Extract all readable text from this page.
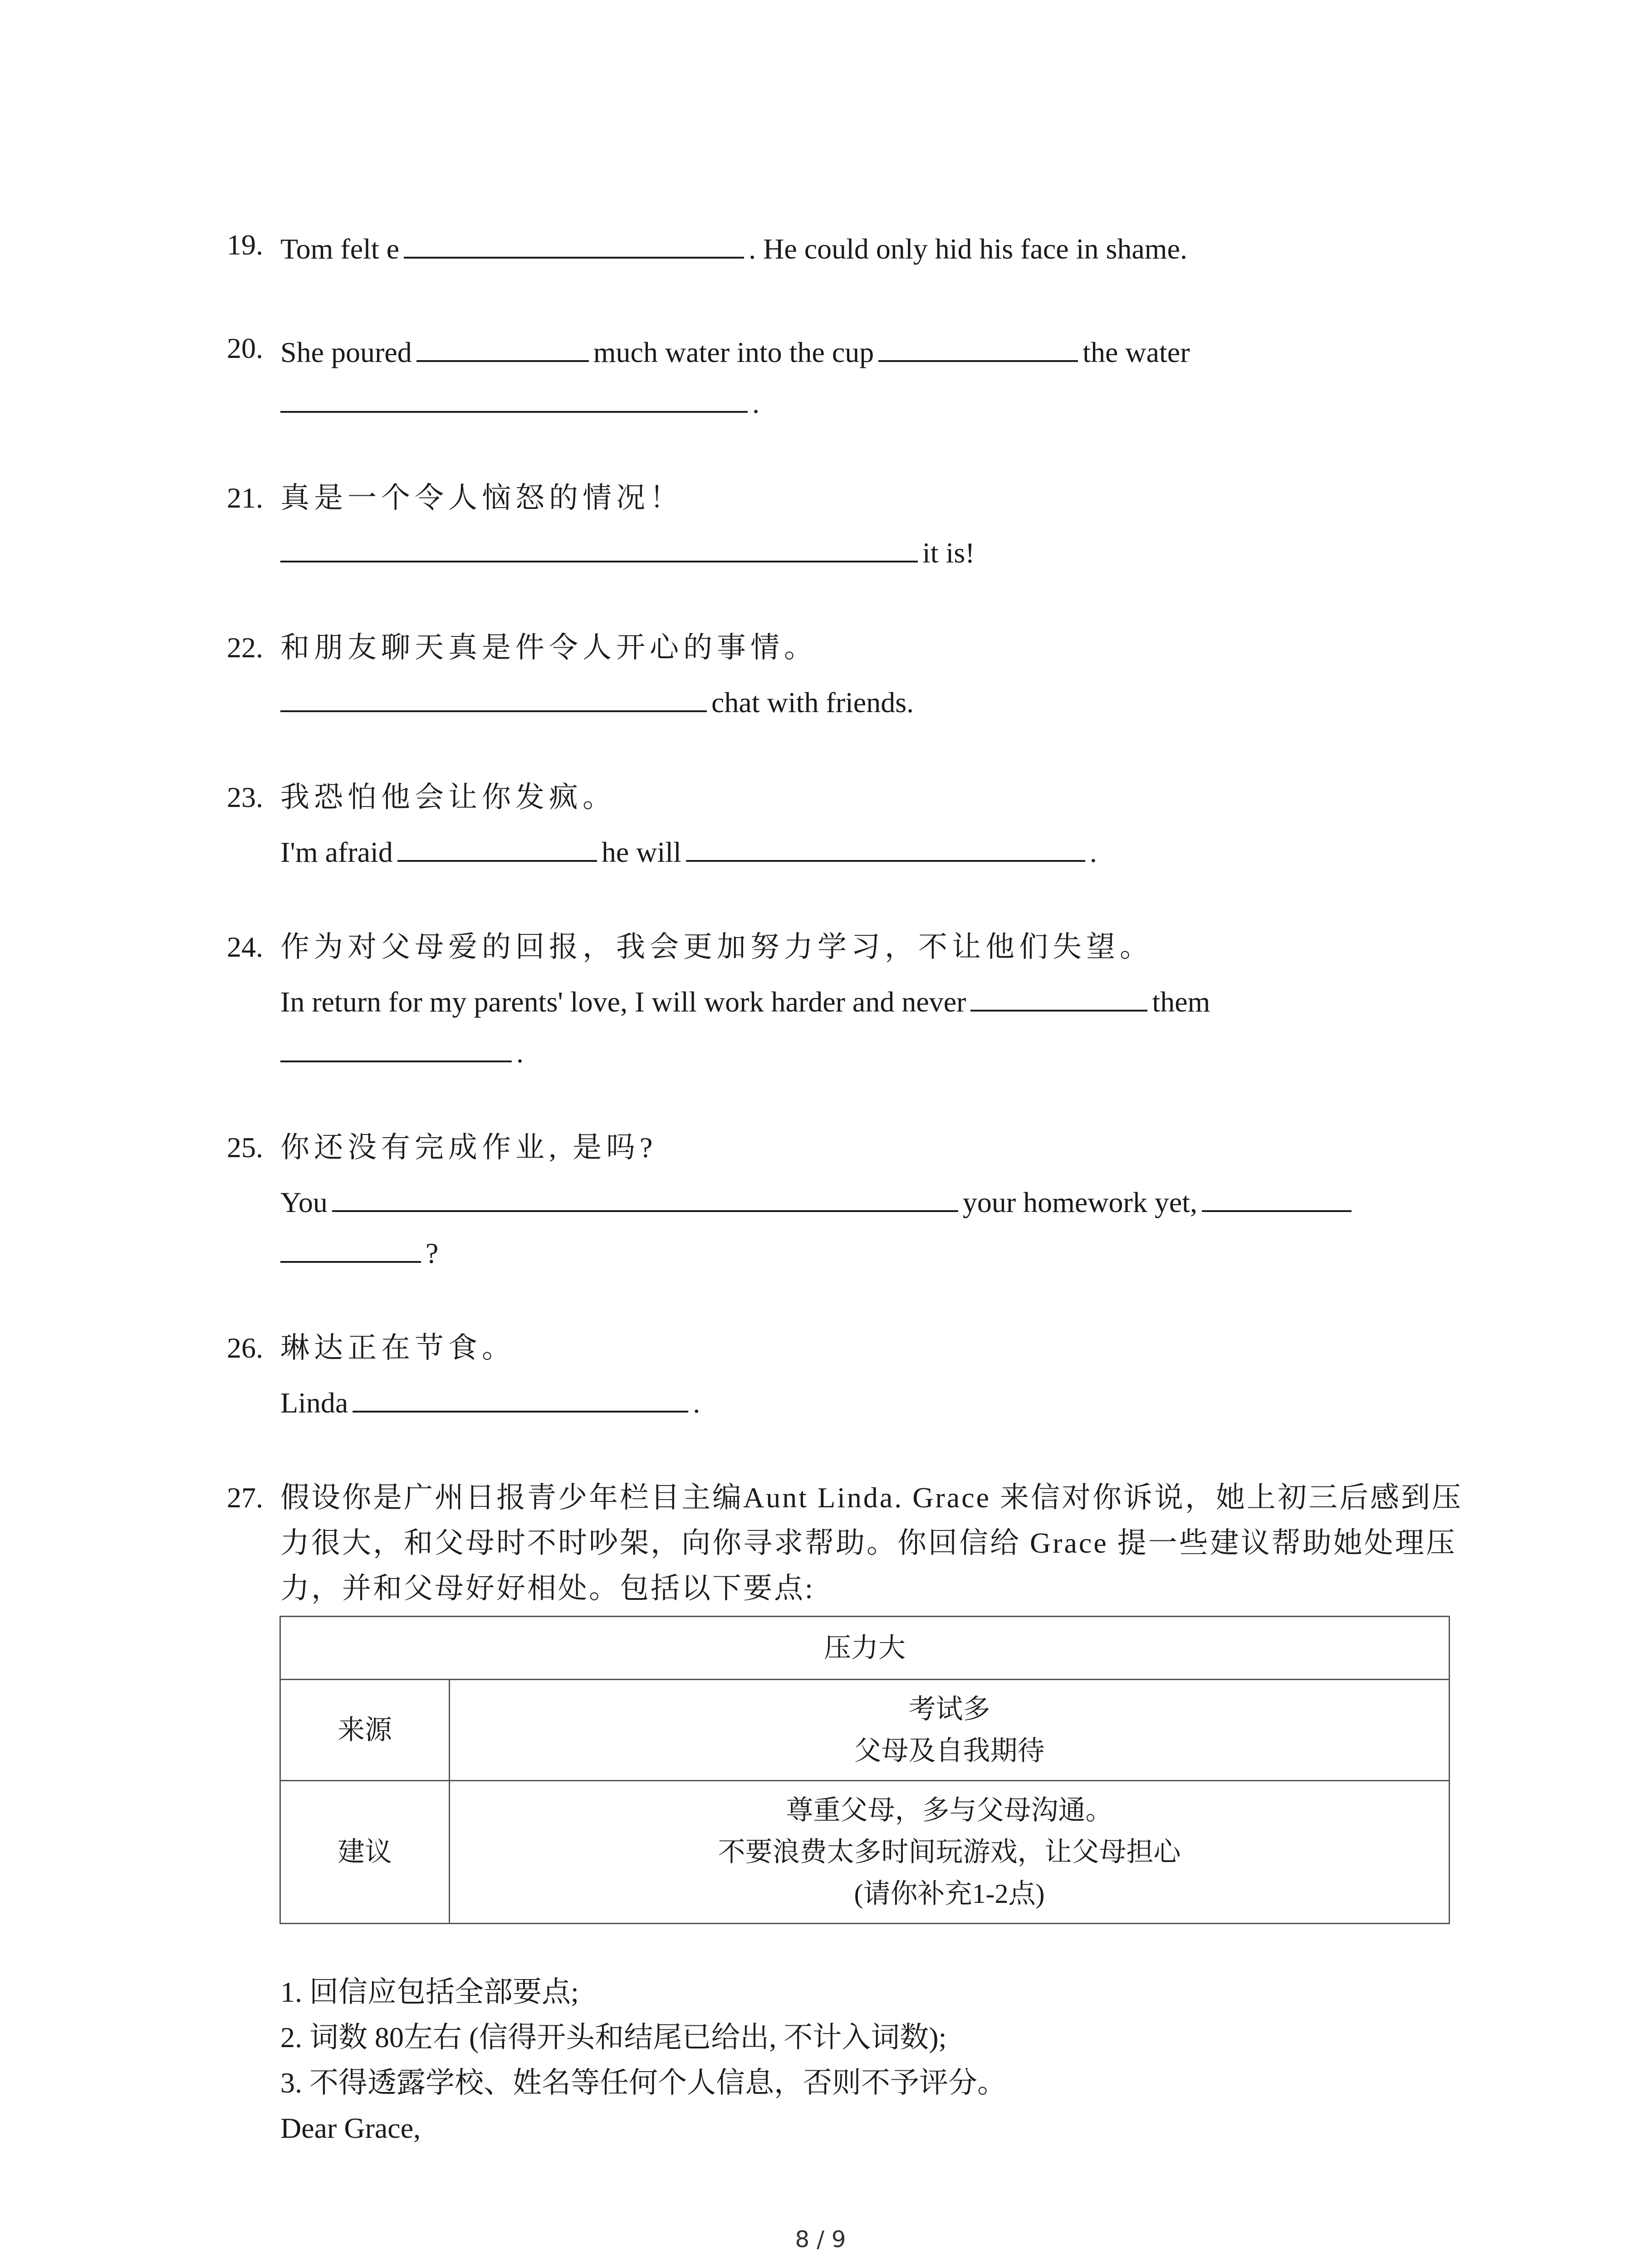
19. Tom felt e	. He could only hid his face in shame.
20. She poured	much water into the cup	the water
.
21. 真是一个令人恼怒的情况！
it is!
22. 和朋友聊天真是件令人开心的事情。
chat with friends.
23. 我恐怕他会让你发疯。
I'm afraid	he will	.
24. 作为对父母爱的回报，我会更加努力学习，不让他们失望。
In return for my parents' love, I will work harder and never	them
.
25. 你还没有完成作业, 是吗?
You	your homework yet,
?
26. 琳达正在节食。
Linda	.
27. 假设你是广州日报青少年栏目主编Aunt Linda. Grace 来信对你诉说，她上初三后感到压
力很大，和父母时不时吵架，向你寻求帮助。你回信给 Grace 提一些建议帮助她处理压
力，并和父母好好相处。包括以下要点:
压力大	
来源	考试多
父母及自我期待

建议	尊重父母，多与父母沟通。
不要浪费太多时间玩游戏，让父母担心
(请你补充1-2点)
1. 回信应包括全部要点;
2. 词数 80左右 (信得开头和结尾已给出, 不计入词数);
3. 不得透露学校、姓名等任何个人信息，否则不予评分。
Dear Grace,
8 / 9
